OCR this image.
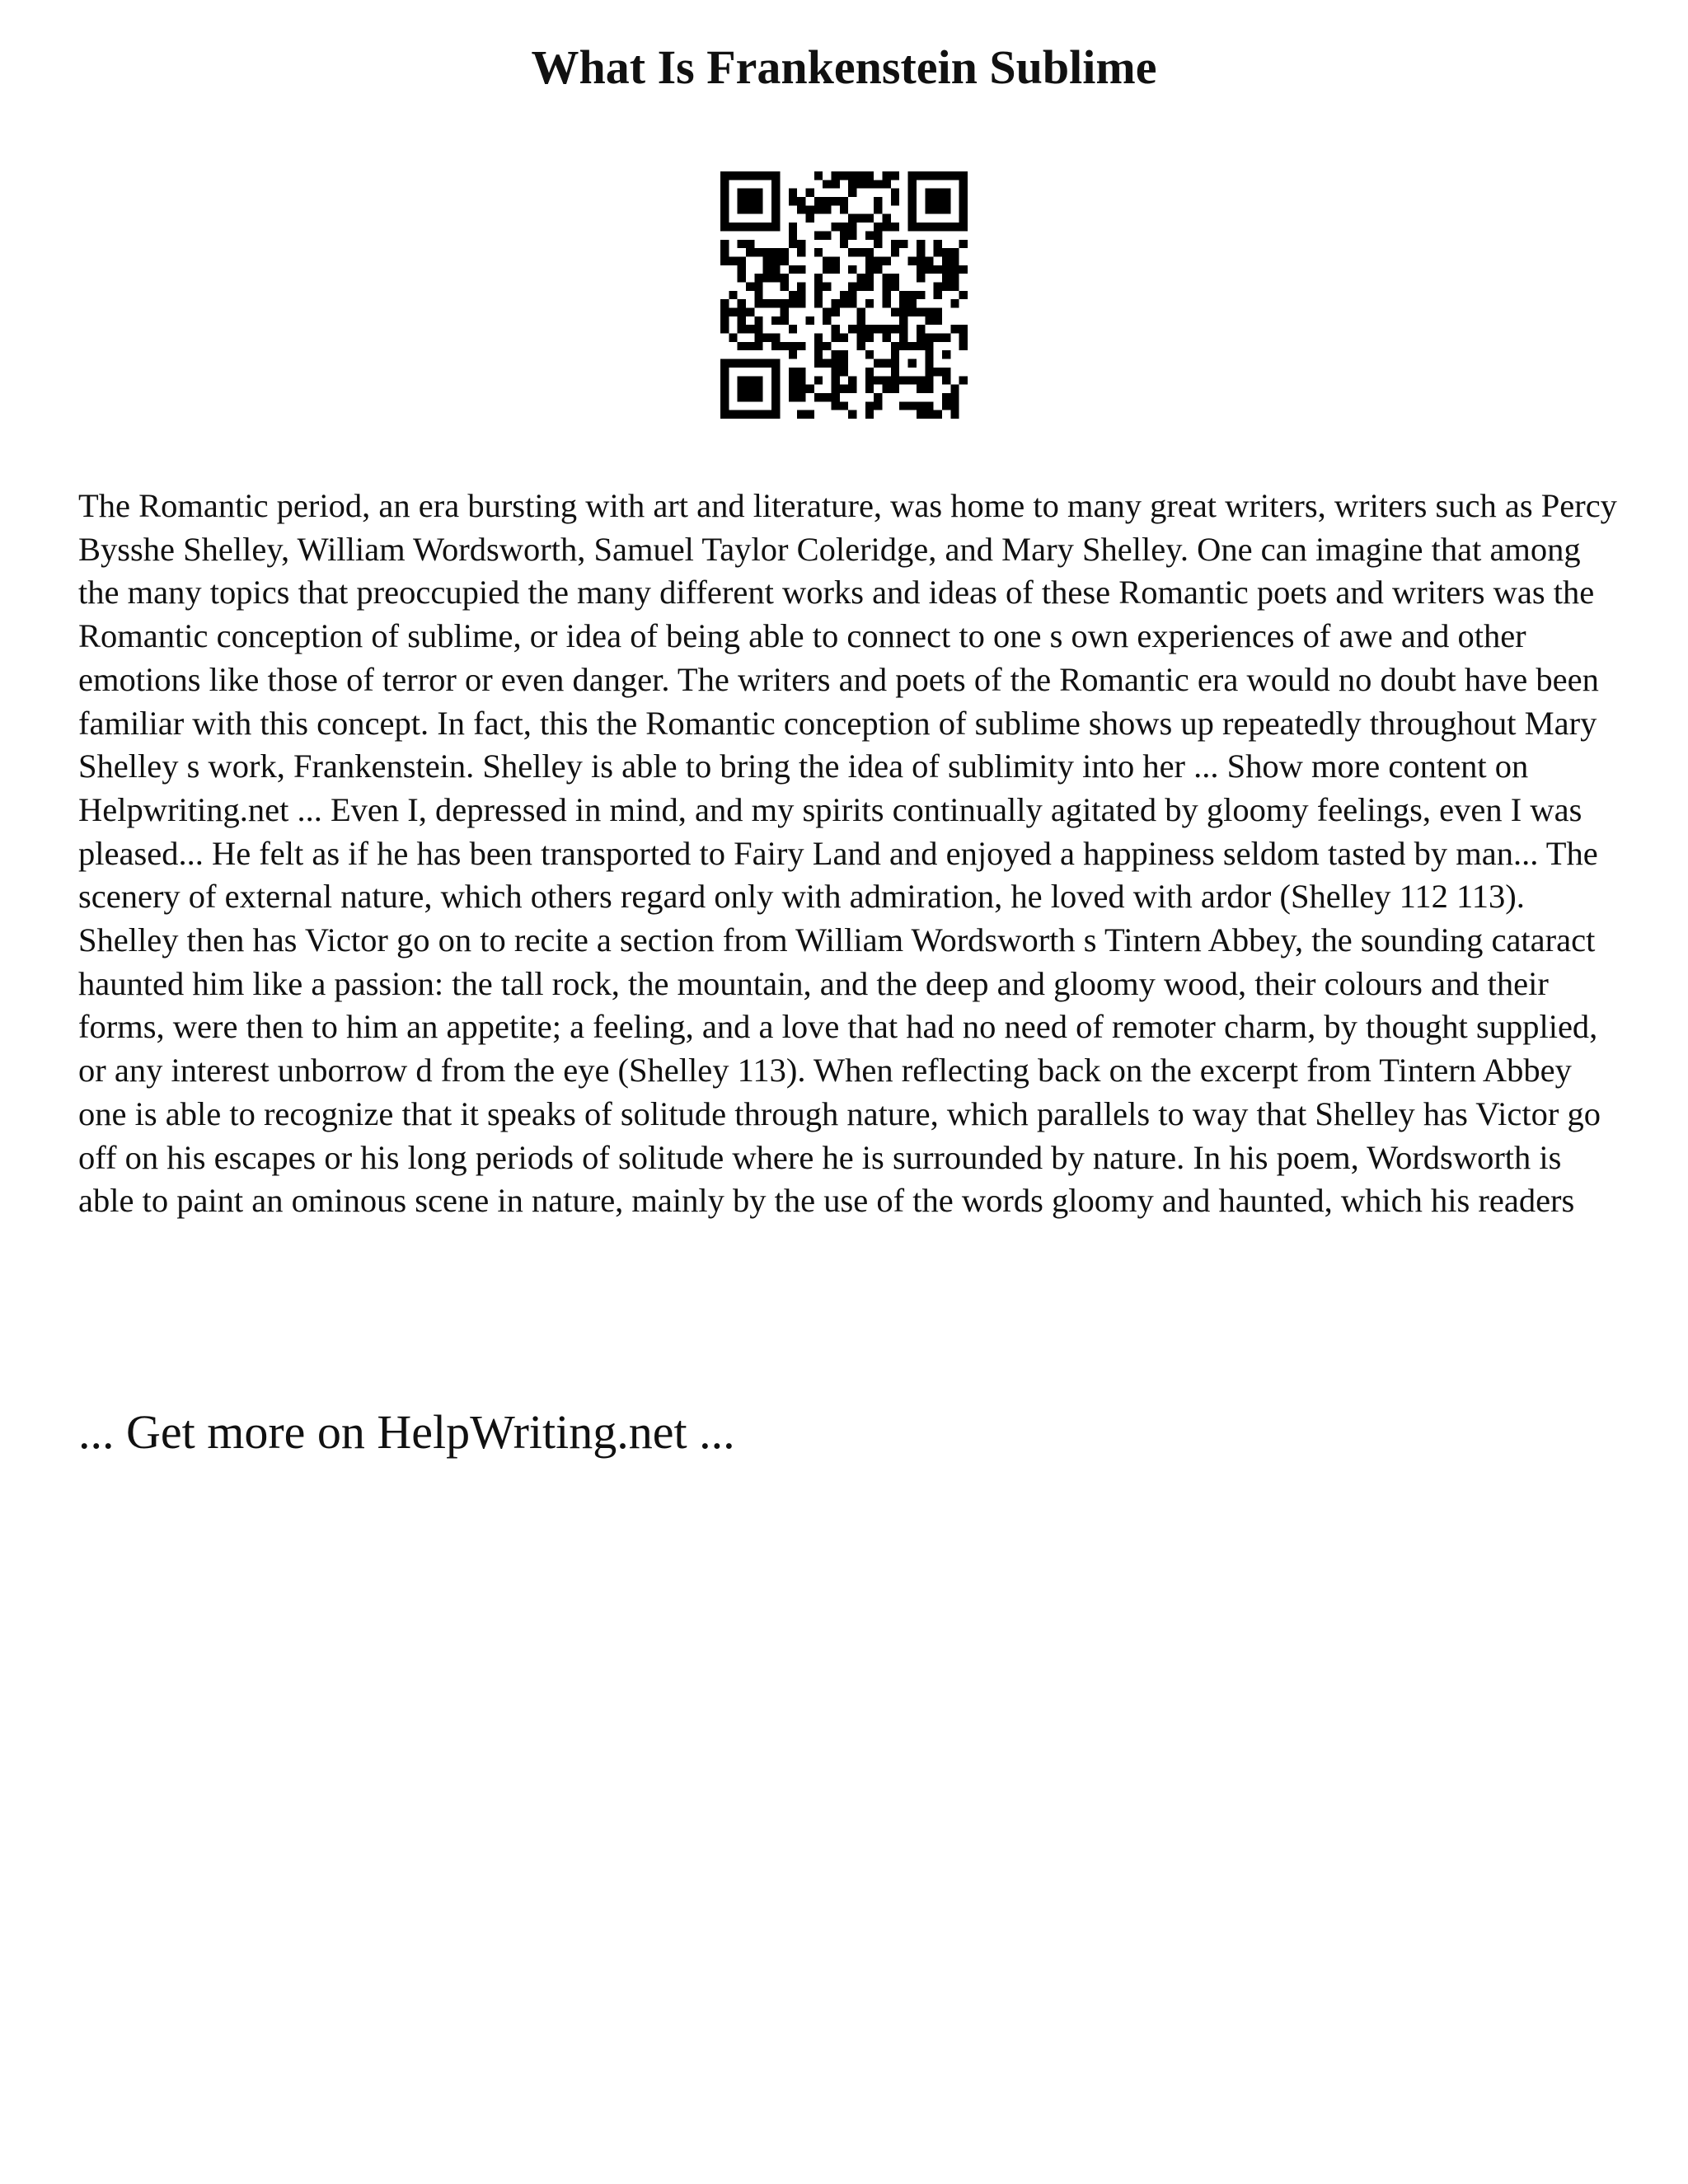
What Is Frankenstein Sublime

The Romantic period, an era bursting with art and literature, was home to many great writers, writers such as Percy Bysshe Shelley, William Wordsworth, Samuel Taylor Coleridge, and Mary Shelley. One can imagine that among the many topics that preoccupied the many different works and ideas of these Romantic poets and writers was the Romantic conception of sublime, or idea of being able to connect to one s own experiences of awe and other emotions like those of terror or even danger. The writers and poets of the Romantic era would no doubt have been familiar with this concept. In fact, this the Romantic conception of sublime shows up repeatedly throughout Mary Shelley s work, Frankenstein. Shelley is able to bring the idea of sublimity into her ... Show more content on Helpwriting.net ... Even I, depressed in mind, and my spirits continually agitated by gloomy feelings, even I was pleased... He felt as if he has been transported to Fairy Land and enjoyed a happiness seldom tasted by man... The scenery of external nature, which others regard only with admiration, he loved with ardor (Shelley 112 113). Shelley then has Victor go on to recite a section from William Wordsworth s Tintern Abbey, the sounding cataract haunted him like a passion: the tall rock, the mountain, and the deep and gloomy wood, their colours and their forms, were then to him an appetite; a feeling, and a love that had no need of remoter charm, by thought supplied, or any interest unborrow d from the eye (Shelley 113). When reflecting back on the excerpt from Tintern Abbey one is able to recognize that it speaks of solitude through nature, which parallels to way that Shelley has Victor go off on his escapes or his long periods of solitude where he is surrounded by nature. In his poem, Wordsworth is able to paint an ominous scene in nature, mainly by the use of the words gloomy and haunted, which his readers

... Get more on HelpWriting.net ...
